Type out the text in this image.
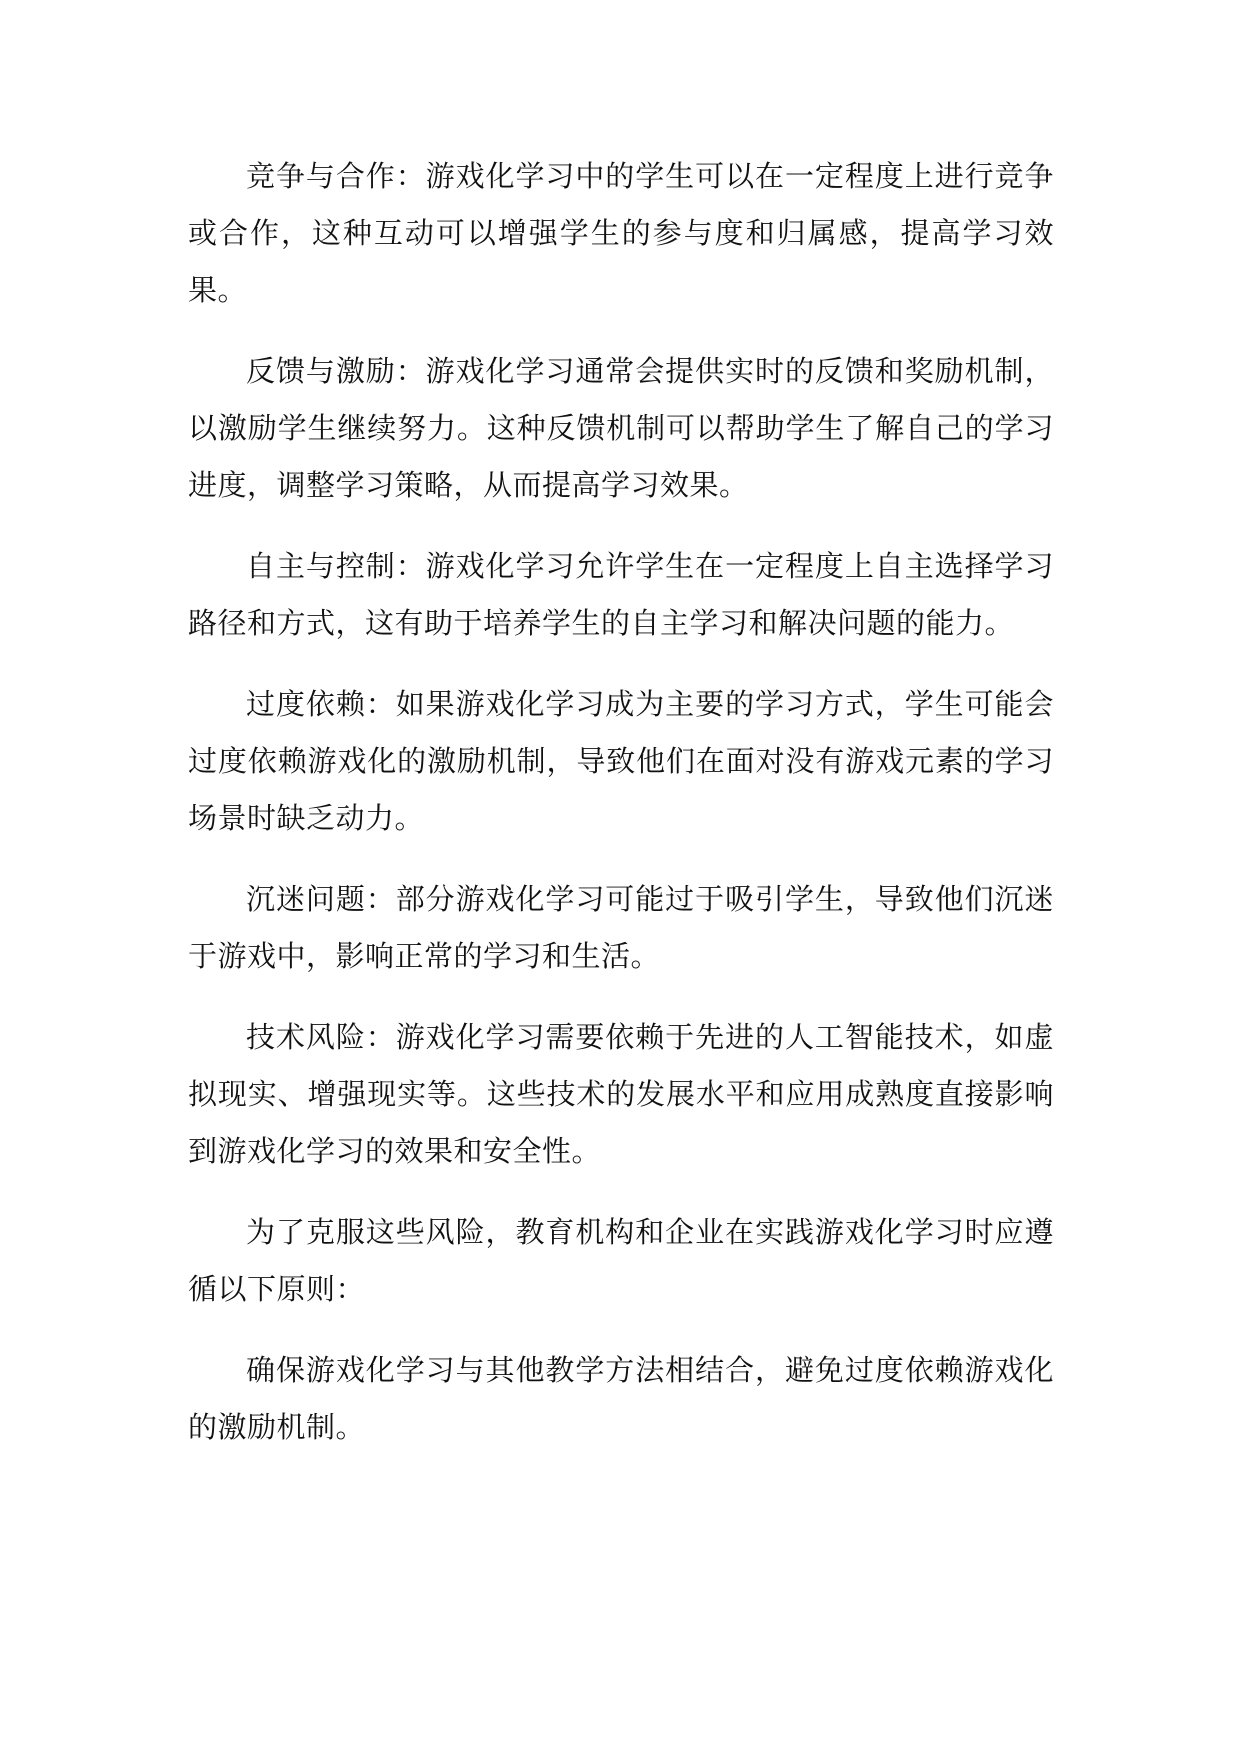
竞争与合作：游戏化学习中的学生可以在一定程度上进行竞争或合作，这种互动可以增强学生的参与度和归属感，提高学习效果。

反馈与激励：游戏化学习通常会提供实时的反馈和奖励机制，以激励学生继续努力。这种反馈机制可以帮助学生了解自己的学习进度，调整学习策略，从而提高学习效果。

自主与控制：游戏化学习允许学生在一定程度上自主选择学习路径和方式，这有助于培养学生的自主学习和解决问题的能力。

过度依赖：如果游戏化学习成为主要的学习方式，学生可能会过度依赖游戏化的激励机制，导致他们在面对没有游戏元素的学习场景时缺乏动力。

沉迷问题：部分游戏化学习可能过于吸引学生，导致他们沉迷于游戏中，影响正常的学习和生活。

技术风险：游戏化学习需要依赖于先进的人工智能技术，如虚拟现实、增强现实等。这些技术的发展水平和应用成熟度直接影响到游戏化学习的效果和安全性。

为了克服这些风险，教育机构和企业在实践游戏化学习时应遵循以下原则：

确保游戏化学习与其他教学方法相结合，避免过度依赖游戏化的激励机制。
